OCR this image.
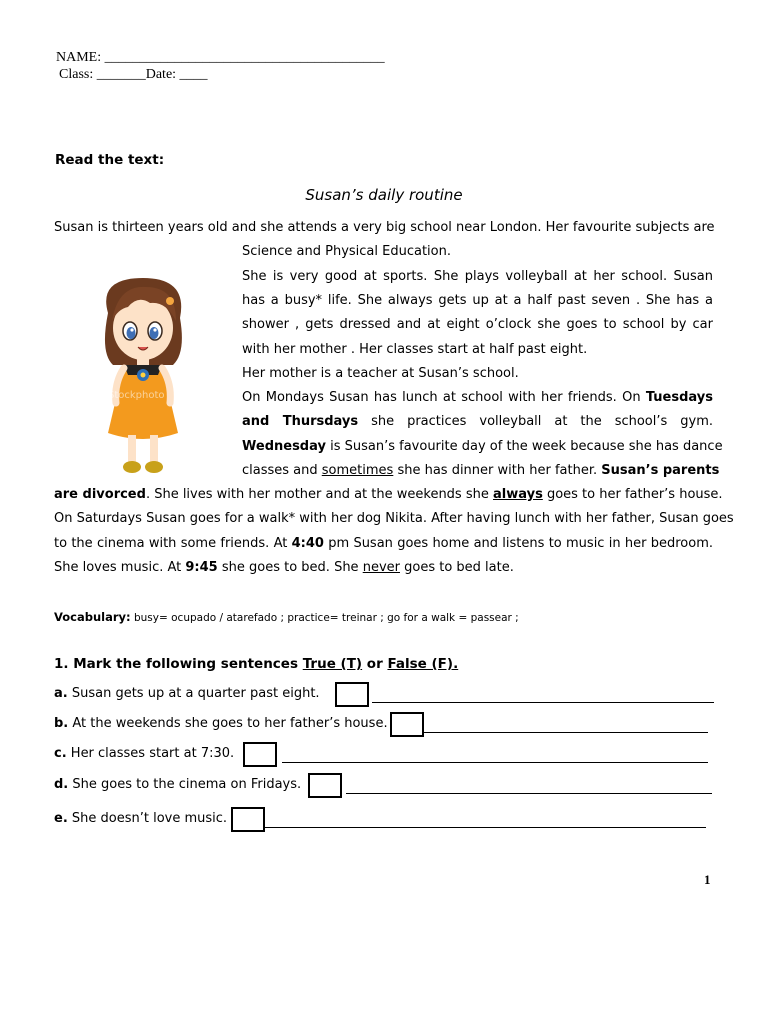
NAME: ________________________________________
Class: _______Date: ____
Read the text:
Susan’s daily routine
Susan is thirteen years old and she attends a very big school near London. Her favourite subjects are
Science and Physical Education.
She is very good at sports. She plays volleyball at her school. Susan
has a busy* life. She always gets up at a half past seven . She has a
shower , gets dressed and at eight o’clock she goes to school by car
with her mother . Her classes start at half past eight.
Her mother is a teacher at Susan’s school.
On Mondays Susan has lunch at school with her friends. On Tuesdays
and Thursdays she practices volleyball at the school’s gym.
Wednesday is Susan’s favourite day of the week because she has dance
classes and sometimes she has dinner with her father. Susan’s parents
are divorced. She lives with her mother and at the weekends she always goes to her father’s house.
On Saturdays Susan goes for a walk* with her dog Nikita. After having lunch with her father, Susan goes
to the cinema with some friends. At 4:40 pm Susan goes home and listens to music in her bedroom.
She loves music. At 9:45 she goes to bed. She never goes to bed late.
Stockphoto
Vocabulary: busy= ocupado / atarefado ; practice= treinar ; go for a walk = passear ;
1. Mark the following sentences True (T) or False (F).
a. Susan gets up at a quarter past eight.
b. At the weekends she goes to her father’s house.
c. Her classes start at 7:30.
d. She goes to the cinema on Fridays.
e. She doesn’t love music.
1
